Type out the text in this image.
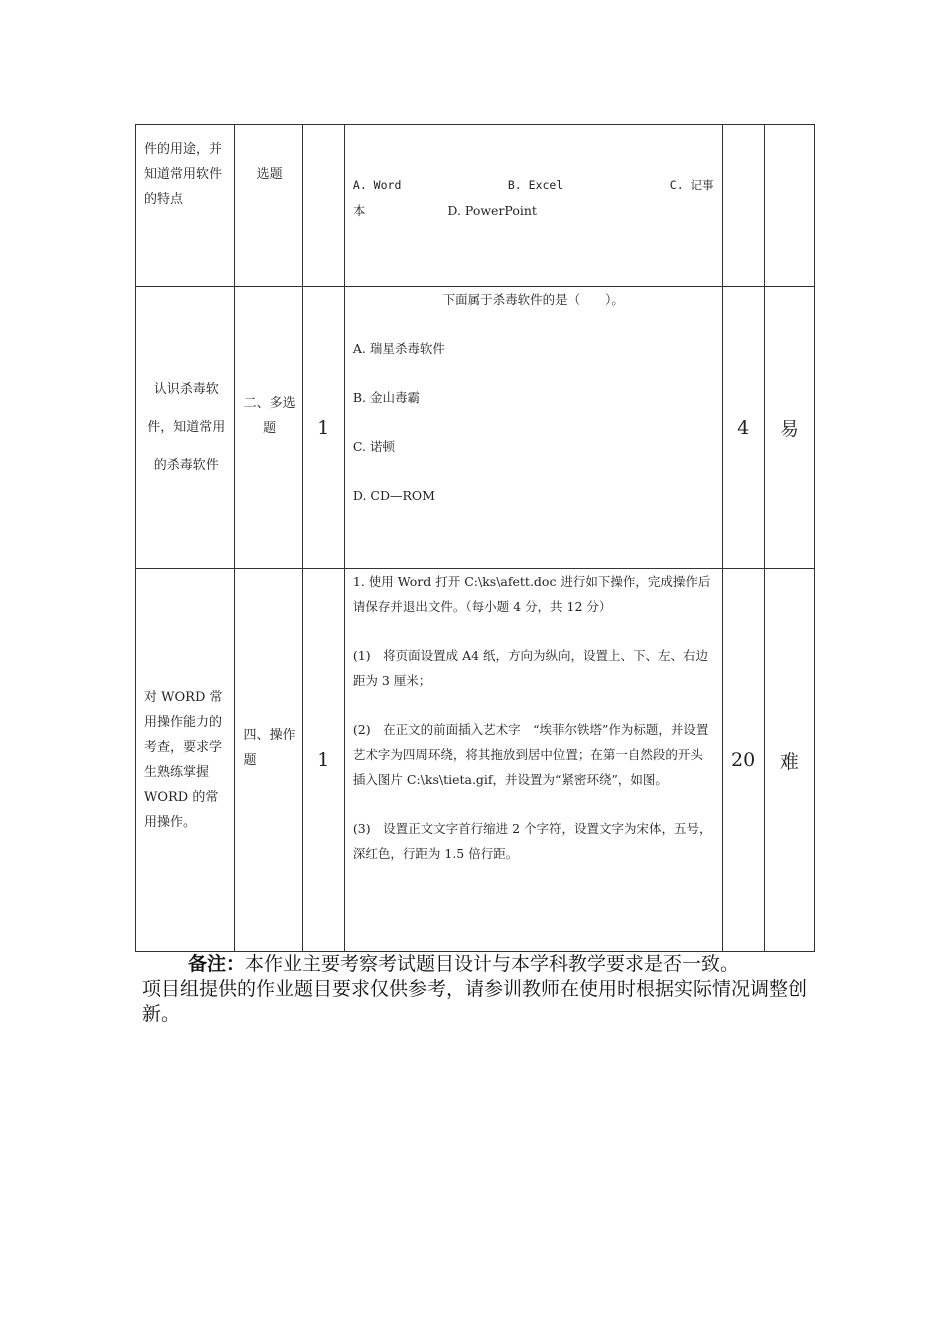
件的用途，并知道常用软件的特点	选题		A. Word B. Excel C. 记事
本 D. PowerPoint		

认识杀毒软件，知道常用的杀毒软件	二、多选题	1	下面属于杀毒软件的是（　　）。
A. 瑞星杀毒软件
B. 金山毒霸
C. 诺顿
D. CD—ROM	4	易

对 WORD 常用操作能力的考查，要求学生熟练掌握 WORD 的常用操作。	四、操作题	1	1. 使用 Word 打开 C:\ks\afett.doc 进行如下操作，完成操作后请保存并退出文件。（每小题 4 分，共 12 分）
(1)　将页面设置成 A4 纸，方向为纵向，设置上、下、左、右边距为 3 厘米；
(2)　在正文的前面插入艺术字　“埃菲尔铁塔”作为标题，并设置艺术字为四周环绕，将其拖放到居中位置；在第一自然段的开头插入图片 C:\ks\tieta.gif，并设置为“紧密环绕”，如图。
(3)　设置正文文字首行缩进 2 个字符，设置文字为宋体，五号，深红色，行距为 1.5 倍行距。	20	难
备注：本作业主要考察考试题目设计与本学科教学要求是否一致。
项目组提供的作业题目要求仅供参考，请参训教师在使用时根据实际情况调整创新。
